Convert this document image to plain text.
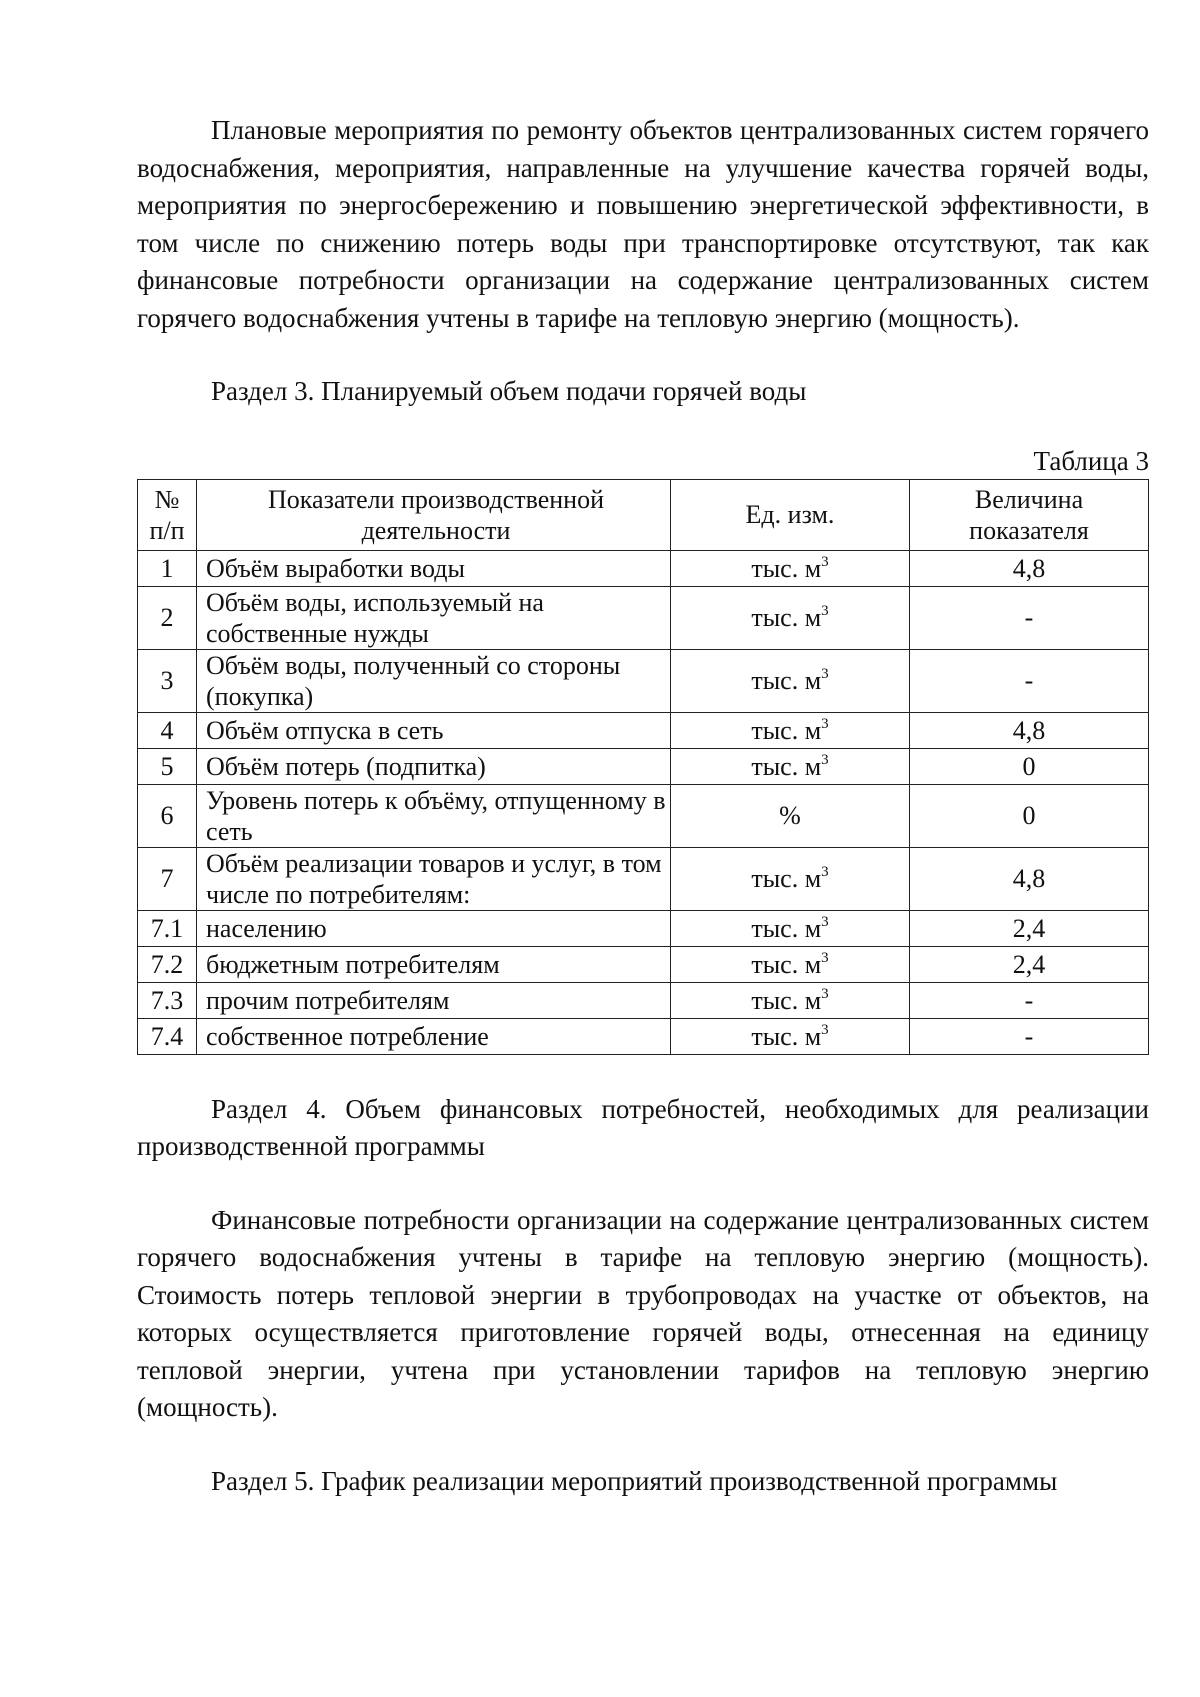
Плановые мероприятия по ремонту объектов централизованных систем горячего водоснабжения, мероприятия, направленные на улучшение качества горячей воды, мероприятия по энергосбережению и повышению энергетической эффективности, в том числе по снижению потерь воды при транспортировке отсутствуют, так как финансовые потребности организации на содержание централизованных систем горячего водоснабжения учтены в тарифе на тепловую энергию (мощность).

Раздел 3. Планируемый объем подачи горячей воды

Таблица 3
№ п/п	Показатели производственной деятельности	Ед. изм.	Величина показателя
1	Объём выработки воды	тыс. $м^3$	4,8
2	Объём воды, используемый на собственные нужды	тыс. $м^3$	-
3	Объём воды, полученный со стороны (покупка)	тыс. $м^3$	-
4	Объём отпуска в сеть	тыс. $м^3$	4,8
5	Объём потерь (подпитка)	тыс. $м^3$	0
6	Уровень потерь к объёму, отпущенному в сеть	%	0
7	Объём реализации товаров и услуг, в том числе по потребителям:	тыс. $м^3$	4,8
7.1	населению	тыс. $м^3$	2,4
7.2	бюджетным потребителям	тыс. $м^3$	2,4
7.3	прочим потребителям	тыс. $м^3$	-
7.4	собственное потребление	тыс. $м^3$	-

Раздел 4. Объем финансовых потребностей, необходимых для реализации производственной программы

Финансовые потребности организации на содержание централизованных систем горячего водоснабжения учтены в тарифе на тепловую энергию (мощность). Стоимость потерь тепловой энергии в трубопроводах на участке от объектов, на которых осуществляется приготовление горячей воды, отнесенная на единицу тепловой энергии, учтена при установлении тарифов на тепловую энергию (мощность).

Раздел 5. График реализации мероприятий производственной программы
